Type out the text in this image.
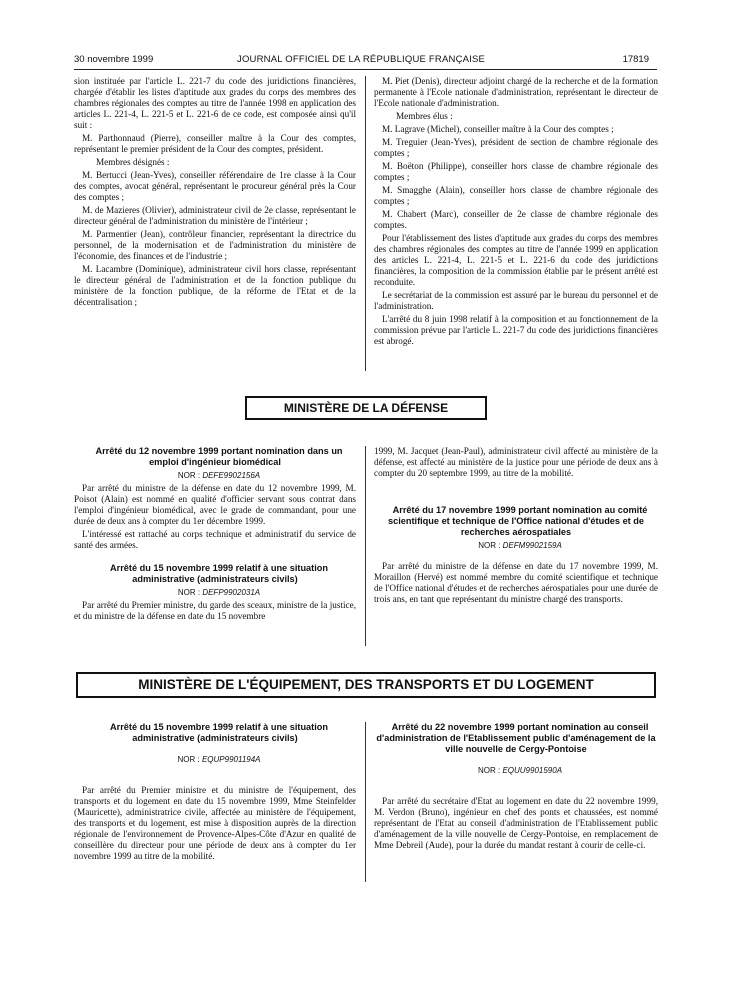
30 novembre 1999	JOURNAL OFFICIEL DE LA RÉPUBLIQUE FRANÇAISE	17819

sion instituée par l'article L. 221-7 du code des juridictions financières, chargée d'établir les listes d'aptitude aux grades du corps des membres des chambres régionales des comptes au titre de l'année 1998 en application des articles L. 221-4, L. 221-5 et L. 221-6 de ce code, est composée ainsi qu'il suit :

M. Parthonnaud (Pierre), conseiller maître à la Cour des comptes, représentant le premier président de la Cour des comptes, président.

Membres désignés :

M. Bertucci (Jean-Yves), conseiller référendaire de 1re classe à la Cour des comptes, avocat général, représentant le procureur général près la Cour des comptes ;

M. de Mazieres (Olivier), administrateur civil de 2e classe, représentant le directeur général de l'administration du ministère de l'intérieur ;

M. Parmentier (Jean), contrôleur financier, représentant la directrice du personnel, de la modernisation et de l'administration du ministère de l'économie, des finances et de l'industrie ;

M. Lacambre (Dominique), administrateur civil hors classe, représentant le directeur général de l'administration et de la fonction publique du ministère de la fonction publique, de la réforme de l'Etat et de la décentralisation ;

M. Piet (Denis), directeur adjoint chargé de la recherche et de la formation permanente à l'Ecole nationale d'administration, représentant le directeur de l'Ecole nationale d'administration.

Membres élus :

M. Lagrave (Michel), conseiller maître à la Cour des comptes ;

M. Treguier (Jean-Yves), président de section de chambre régionale des comptes ;

M. Boëton (Philippe), conseiller hors classe de chambre régionale des comptes ;

M. Smagghe (Alain), conseiller hors classe de chambre régionale des comptes ;

M. Chabert (Marc), conseiller de 2e classe de chambre régionale des comptes.

Pour l'établissement des listes d'aptitude aux grades du corps des membres des chambres régionales des comptes au titre de l'année 1999 en application des articles L. 221-4, L. 221-5 et L. 221-6 du code des juridictions financières, la composition de la commission établie par le présent arrêté est reconduite.

Le secrétariat de la commission est assuré par le bureau du personnel et de l'administration.

L'arrêté du 8 juin 1998 relatif à la composition et au fonctionnement de la commission prévue par l'article L. 221-7 du code des juridictions financières est abrogé.

MINISTÈRE DE LA DÉFENSE

Arrêté du 12 novembre 1999 portant nomination dans un emploi d'ingénieur biomédical

NOR : DEFE9902156A

Par arrêté du ministre de la défense en date du 12 novembre 1999, M. Poisot (Alain) est nommé en qualité d'officier servant sous contrat dans l'emploi d'ingénieur biomédical, avec le grade de commandant, pour une durée de deux ans à compter du 1er décembre 1999.

L'intéressé est rattaché au corps technique et administratif du service de santé des armées.

Arrêté du 15 novembre 1999 relatif à une situation administrative (administrateurs civils)

NOR : DEFP9902031A

Par arrêté du Premier ministre, du garde des sceaux, ministre de la justice, et du ministre de la défense en date du 15 novembre

1999, M. Jacquet (Jean-Paul), administrateur civil affecté au ministère de la défense, est affecté au ministère de la justice pour une période de deux ans à compter du 20 septembre 1999, au titre de la mobilité.

Arrêté du 17 novembre 1999 portant nomination au comité scientifique et technique de l'Office national d'études et de recherches aérospatiales

NOR : DEFM9902159A

Par arrêté du ministre de la défense en date du 17 novembre 1999, M. Moraillon (Hervé) est nommé membre du comité scientifique et technique de l'Office national d'études et de recherches aérospatiales pour une durée de trois ans, en tant que représentant du ministre chargé des transports.

MINISTÈRE DE L'ÉQUIPEMENT, DES TRANSPORTS ET DU LOGEMENT

Arrêté du 15 novembre 1999 relatif à une situation administrative (administrateurs civils)

NOR : EQUP9901194A

Par arrêté du Premier ministre et du ministre de l'équipement, des transports et du logement en date du 15 novembre 1999, Mme Steinfelder (Mauricette), administratrice civile, affectée au ministère de l'équipement, des transports et du logement, est mise à disposition auprès de la direction régionale de l'environnement de Provence-Alpes-Côte d'Azur en qualité de conseillère du directeur pour une période de deux ans à compter du 1er novembre 1999 au titre de la mobilité.

Arrêté du 22 novembre 1999 portant nomination au conseil d'administration de l'Etablissement public d'aménagement de la ville nouvelle de Cergy-Pontoise

NOR : EQUU9901590A

Par arrêté du secrétaire d'Etat au logement en date du 22 novembre 1999, M. Verdon (Bruno), ingénieur en chef des ponts et chaussées, est nommé représentant de l'Etat au conseil d'administration de l'Etablissement public d'aménagement de la ville nouvelle de Cergy-Pontoise, en remplacement de Mme Debreil (Aude), pour la durée du mandat restant à courir de celle-ci.
